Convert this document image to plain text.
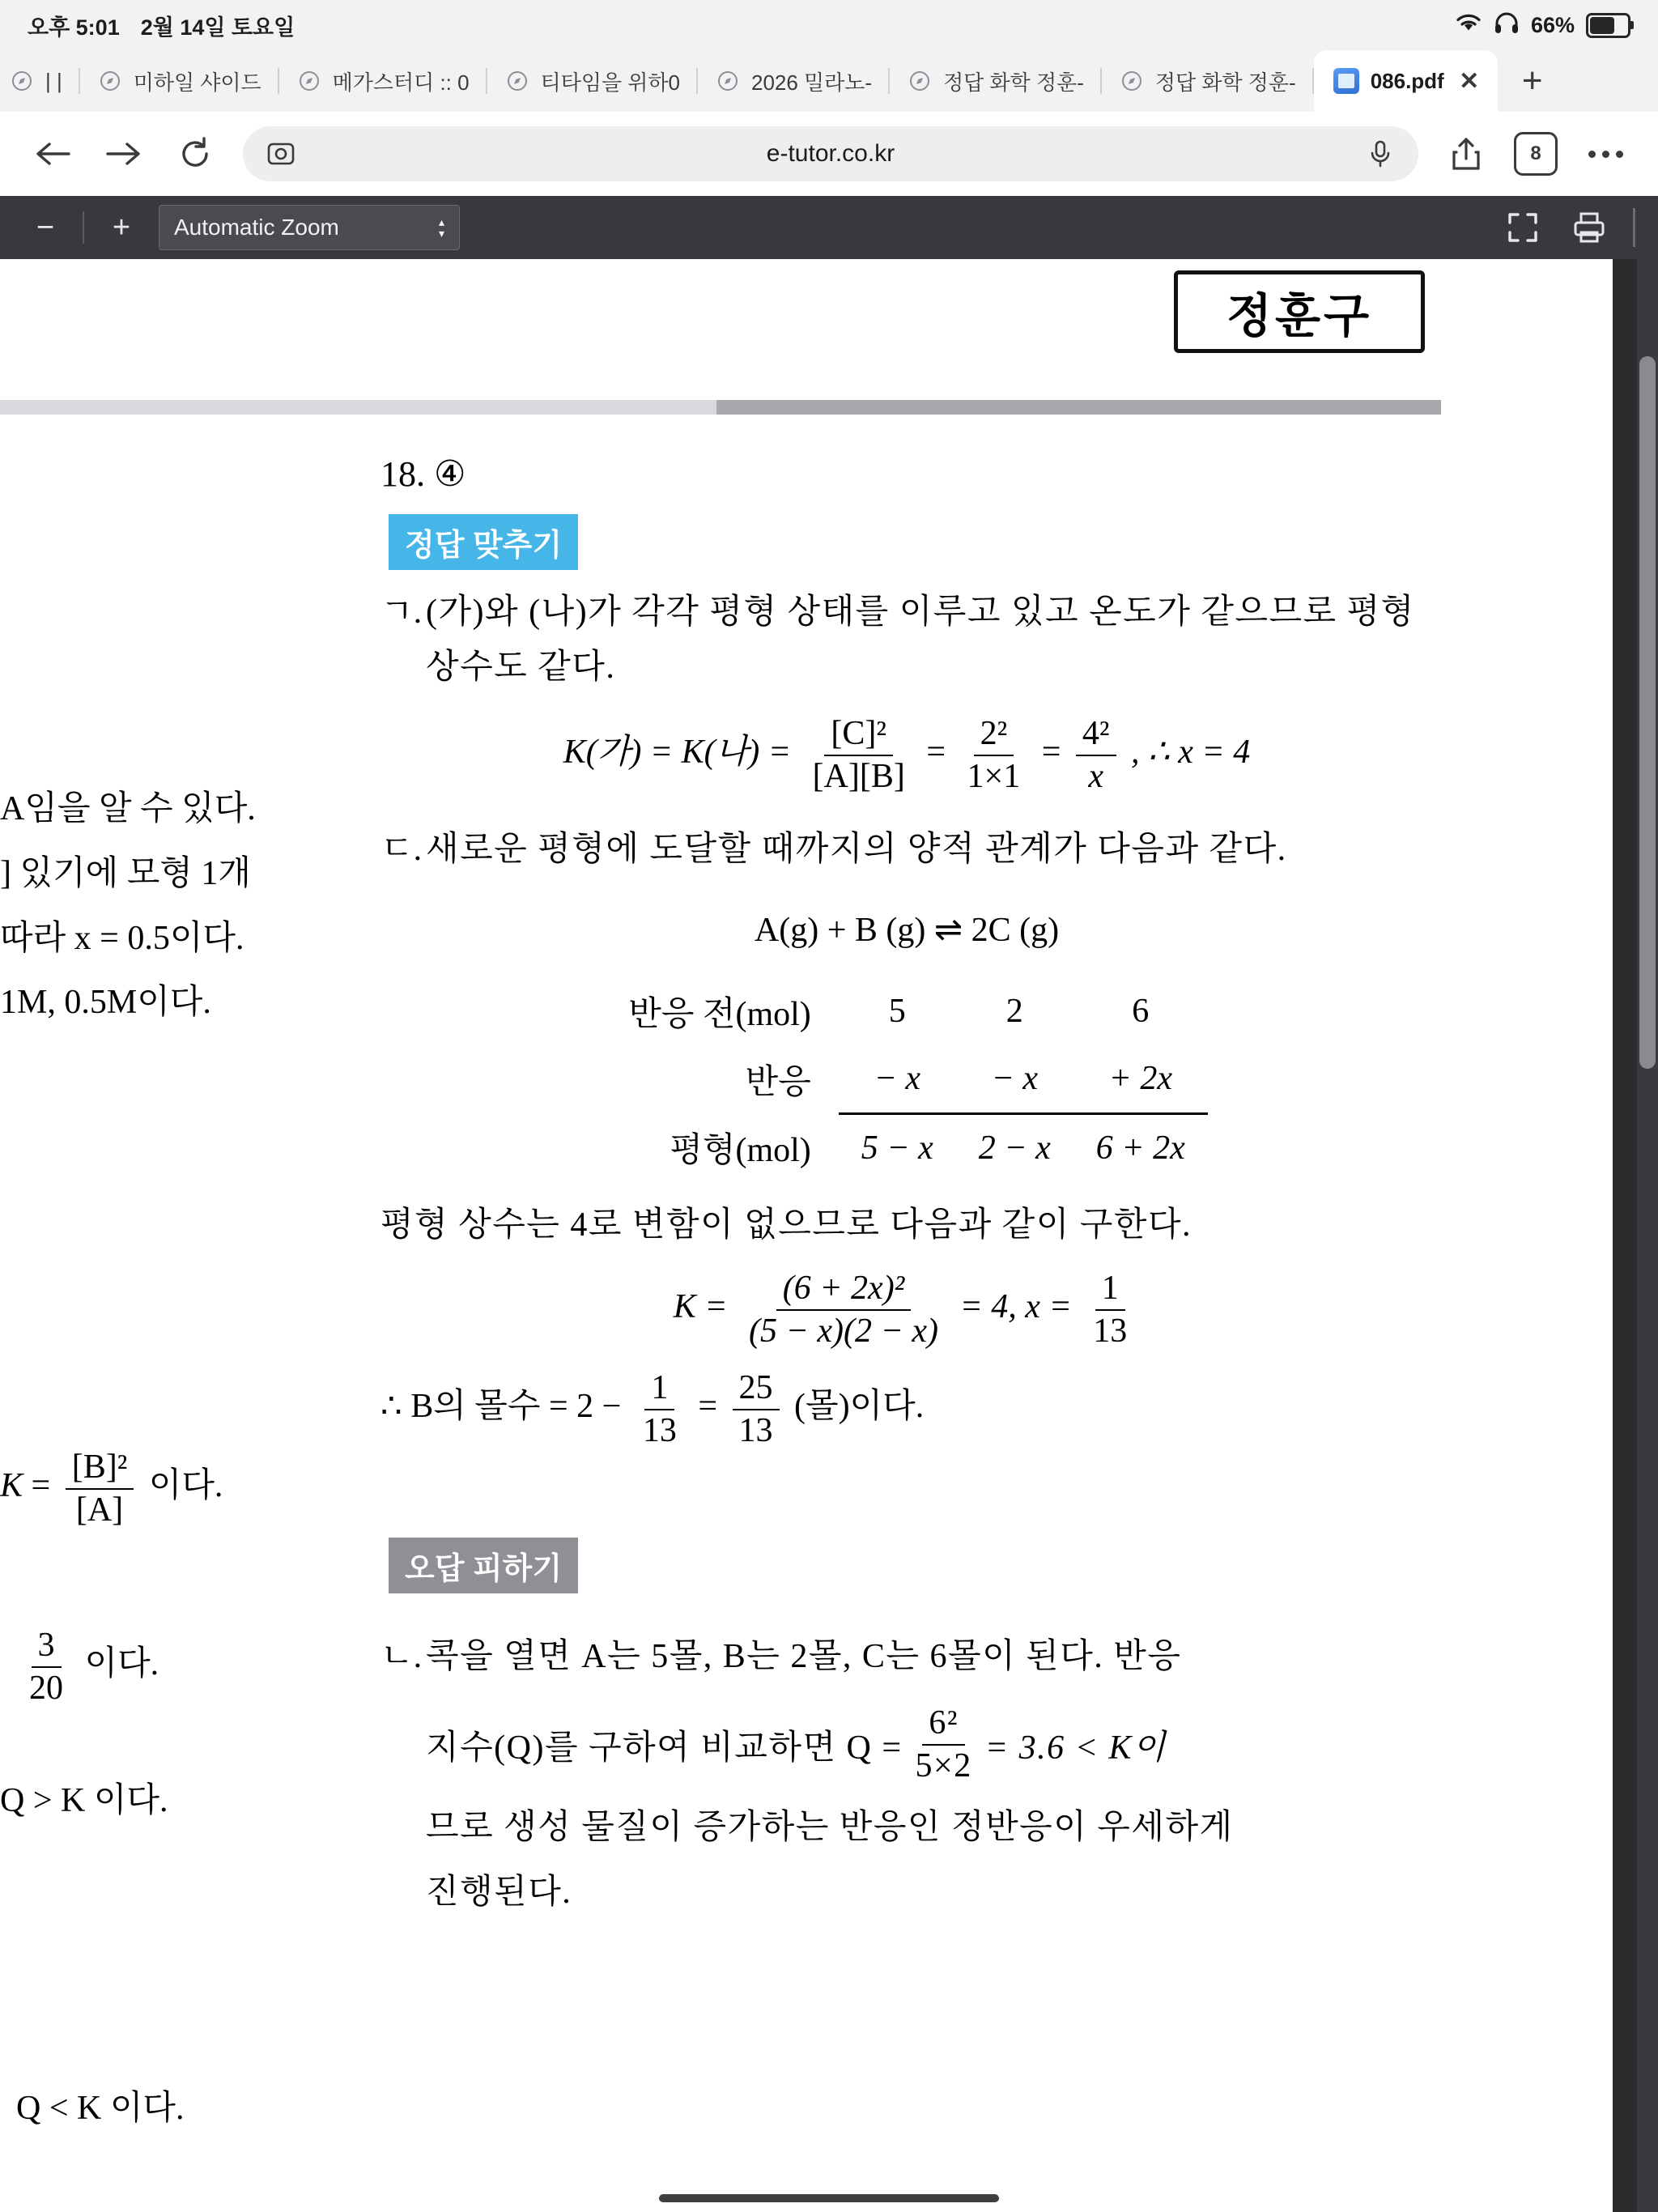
오후 5:01 2월 14일 토요일	66%
| |	미하일 샤이드	메가스터디 :: 0	티타임을 위하0	2026 밀라노-	정답 화학 정훈-	정답 화학 정훈-	086.pdf ✕	+
e-tutor.co.kr	8
−	+	Automatic Zoom	▴
▾
정훈구
A임을 알 수 있다.
] 있기에 모형 1개
따라 x = 0.5이다.
1M, 0.5M이다.
$K = \frac{\text{[B]²}}{[A]}$ 이다.
$\frac{3}{20}$ 이다.
Q > K 이다.
Q < K 이다.
18. ④
정답 맞추기
ㄱ. (가)와 (나)가 각각 평형 상태를 이루고 있고 온도가 같으므로 평형 상수도 같다.
K(가) = K(나) = $\frac{\text{[C]²}}{[A][B]} = \frac{\text{2²}}{1\times 1} = \frac{\text{4²}}{x}$ , ∴ x = 4
ㄷ. 새로운 평형에 도달할 때까지의 양적 관계가 다음과 같다.
A(g) + B (g) ⇌ 2C (g)
반응 전(mol)	5	2	6
반응	− x	− x	+ 2x
평형(mol)	5 − x	2 − x	6 + 2x
평형 상수는 4로 변함이 없으므로 다음과 같이 구한다.
$K = \frac{\text{(6 + 2x)²}}{(5 - x)(2 - x)} = 4$, $x = \frac{1}{13}$
∴ B의 몰수 = $2 - \frac{1}{13} = \frac{25}{13}$ (몰)이다.
오답 피하기
ㄴ. 콕을 열면 A는 5몰, B는 2몰, C는 6몰이 된다. 반응
지수(Q)를 구하여 비교하면 $Q = \frac{\text{6²}}{5\times 2} = 3.6 < K$이
므로 생성 물질이 증가하는 반응인 정반응이 우세하게
진행된다.
